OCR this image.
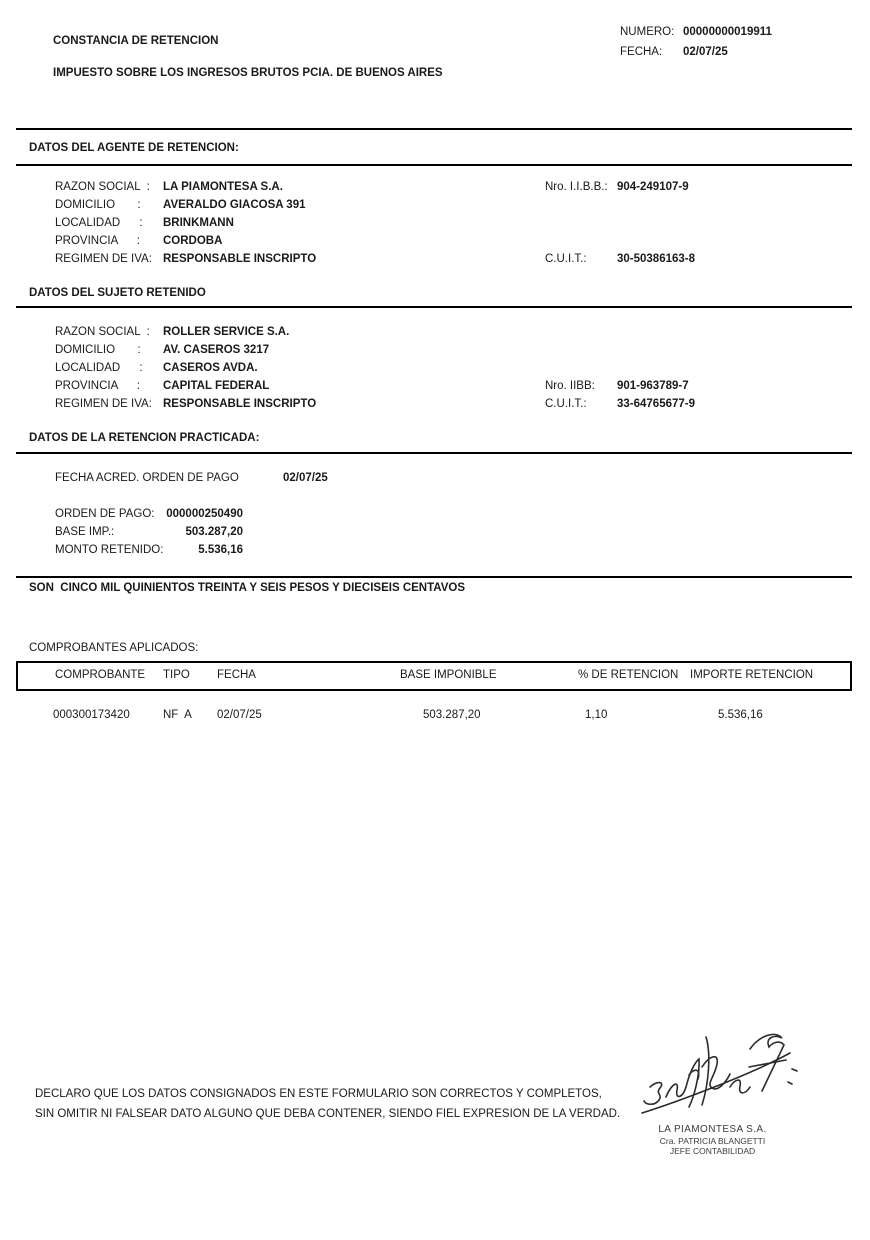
CONSTANCIA DE RETENCION
NUMERO: 00000000019911
FECHA: 02/07/25
IMPUESTO SOBRE LOS INGRESOS BRUTOS PCIA. DE BUENOS AIRES
DATOS DEL AGENTE DE RETENCION:
RAZON SOCIAL  : LA PIAMONTESA S.A.	Nro. I.I.B.B.: 904-249107-9
DOMICILIO       : AVERALDO GIACOSA 391
LOCALIDAD      : BRINKMANN
PROVINCIA      : CORDOBA
REGIMEN DE IVA: RESPONSABLE INSCRIPTO	C.U.I.T.:	30-50386163-8
DATOS DEL SUJETO RETENIDO
RAZON SOCIAL  : ROLLER SERVICE S.A.
DOMICILIO       : AV. CASEROS 3217
LOCALIDAD      : CASEROS AVDA.
PROVINCIA      : CAPITAL FEDERAL	Nro. IIBB: 901-963789-7
REGIMEN DE IVA: RESPONSABLE INSCRIPTO	C.U.I.T.:	33-64765677-9
DATOS DE LA RETENCION PRACTICADA:
FECHA ACRED. ORDEN DE PAGO	02/07/25
ORDEN DE PAGO:	000000250490
BASE IMP.:	503.287,20
MONTO RETENIDO:	5.536,16
SON  CINCO MIL QUINIENTOS TREINTA Y SEIS PESOS Y DIECISEIS CENTAVOS
COMPROBANTES APLICADOS:
COMPROBANTE TIPO FECHA	BASE IMPONIBLE	% DE RETENCION IMPORTE RETENCION
000300173420	NF  A 02/07/25	503.287,20	1,10	5.536,16
DECLARO QUE LOS DATOS CONSIGNADOS EN ESTE FORMULARIO SON CORRECTOS Y COMPLETOS,
SIN OMITIR NI FALSEAR DATO ALGUNO QUE DEBA CONTENER, SIENDO FIEL EXPRESION DE LA VERDAD.
LA PIAMONTESA S.A.
Cra. PATRICIA BLANGETTI
JEFE CONTABILIDAD
